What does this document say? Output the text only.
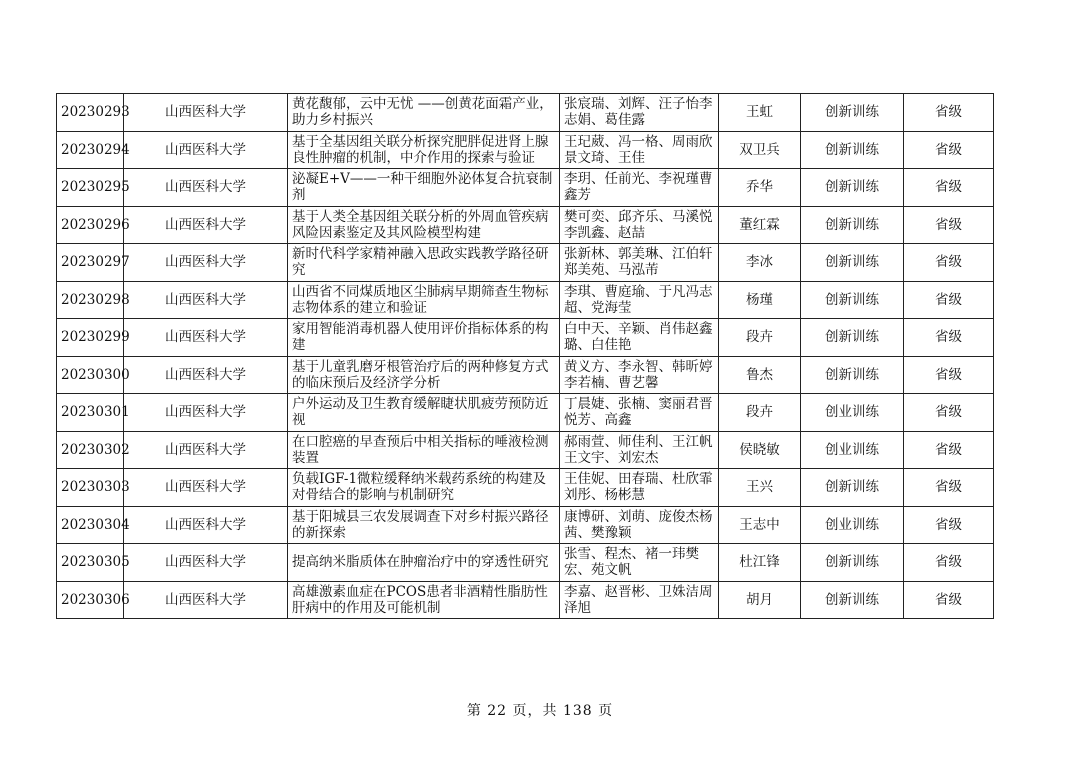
20230293	山西医科大学	黄花馥郁，云中无忧 ——创黄花面霜产业，助力乡村振兴	张宸瑞、刘辉、汪子怡李志娟、葛佳露	王虹	创新训练	省级
20230294	山西医科大学	基于全基因组关联分析探究肥胖促进肾上腺良性肿瘤的机制，中介作用的探索与验证	王玘葳、冯一格、周雨欣景文琦、王佳	双卫兵	创新训练	省级
20230295	山西医科大学	泌凝E+V——一种干细胞外泌体复合抗衰制剂	李玥、任前光、李祝瑾曹鑫芳	乔华	创新训练	省级
20230296	山西医科大学	基于人类全基因组关联分析的外周血管疾病风险因素鉴定及其风险模型构建	樊可奕、邱齐乐、马溪悦李凯鑫、赵喆	董红霖	创新训练	省级
20230297	山西医科大学	新时代科学家精神融入思政实践教学路径研究	张新林、郭美琳、江伯轩郑美苑、马泓芾	李冰	创新训练	省级
20230298	山西医科大学	山西省不同煤质地区尘肺病早期筛查生物标志物体系的建立和验证	李琪、曹庭瑜、于凡冯志超、党海莹	杨瑾	创新训练	省级
20230299	山西医科大学	家用智能消毒机器人使用评价指标体系的构建	白中天、辛颖、肖伟赵鑫璐、白佳艳	段卉	创新训练	省级
20230300	山西医科大学	基于儿童乳磨牙根管治疗后的两种修复方式的临床预后及经济学分析	黄义方、李永智、韩昕婷李若楠、曹艺馨	鲁杰	创新训练	省级
20230301	山西医科大学	户外运动及卫生教育缓解睫状肌疲劳预防近视	丁晨婕、张楠、窦丽君晋悦芳、高鑫	段卉	创业训练	省级
20230302	山西医科大学	在口腔癌的早查预后中相关指标的唾液检测装置	郝雨萱、师佳利、王江帆王文宇、刘宏杰	侯晓敏	创业训练	省级
20230303	山西医科大学	负载IGF-1微粒缓释纳米载药系统的构建及对骨结合的影响与机制研究	王佳妮、田春瑞、杜欣霏刘彤、杨彬慧	王兴	创新训练	省级
20230304	山西医科大学	基于阳城县三农发展调查下对乡村振兴路径的新探索	康博研、刘萌、庞俊杰杨茜、樊豫颖	王志中	创业训练	省级
20230305	山西医科大学	提高纳米脂质体在肿瘤治疗中的穿透性研究	张雪、程杰、褚一玮樊宏、苑文帆	杜江锋	创新训练	省级
20230306	山西医科大学	高雄激素血症在PCOS患者非酒精性脂肪性肝病中的作用及可能机制	李嘉、赵晋彬、卫姝洁周泽旭	胡月	创新训练	省级
第 22 页，共 138 页
